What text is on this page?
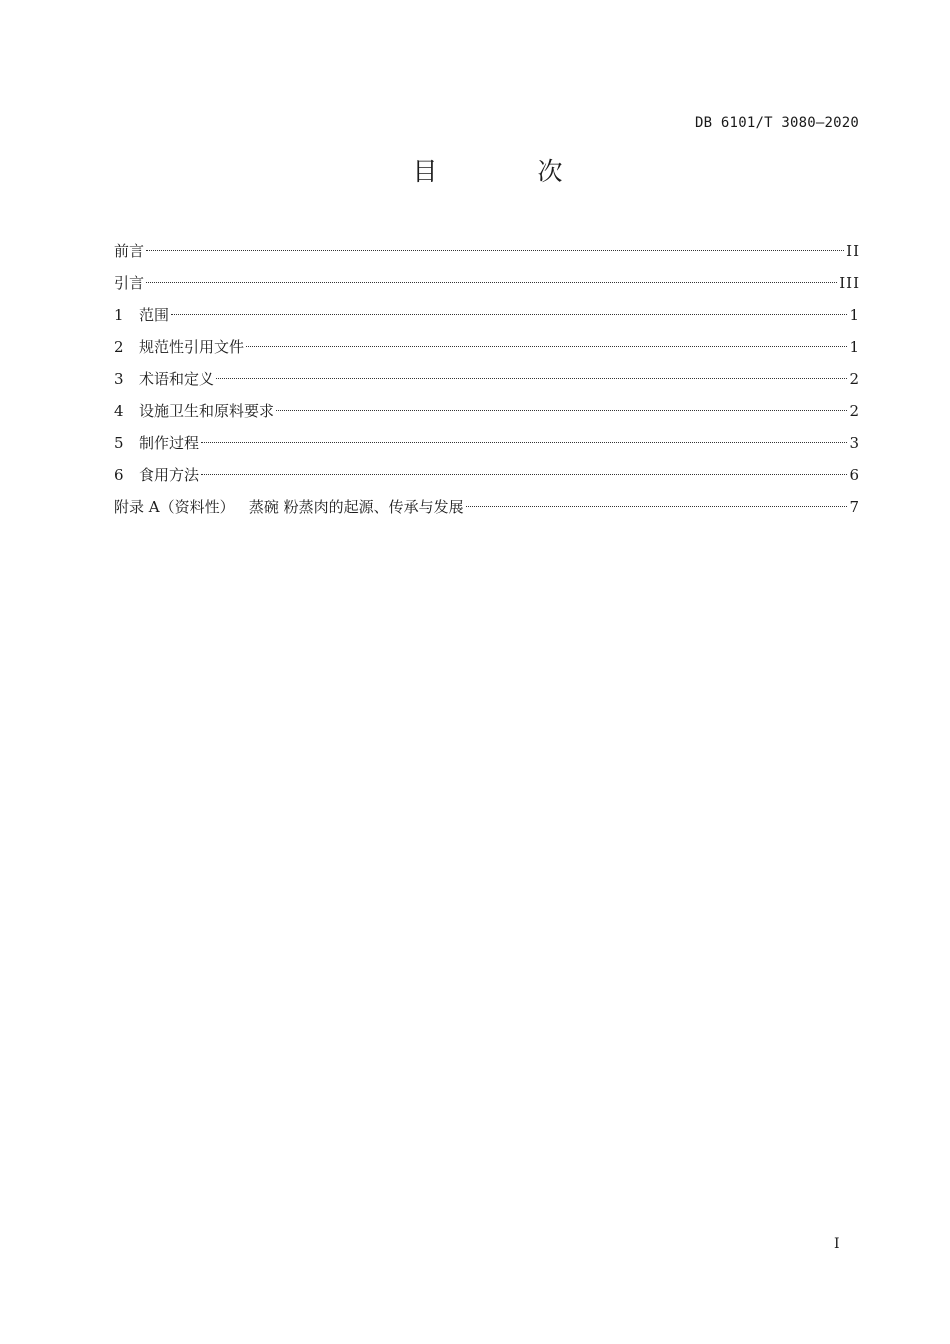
DB 6101/T 3080—2020
目 次
前言	II
引言	III
1	范围	1
2	规范性引用文件	1
3	术语和定义	2
4	设施卫生和原料要求	2
5	制作过程	3
6	食用方法	6
附录 A（资料性）   蒸碗 粉蒸肉的起源、传承与发展	7
I
